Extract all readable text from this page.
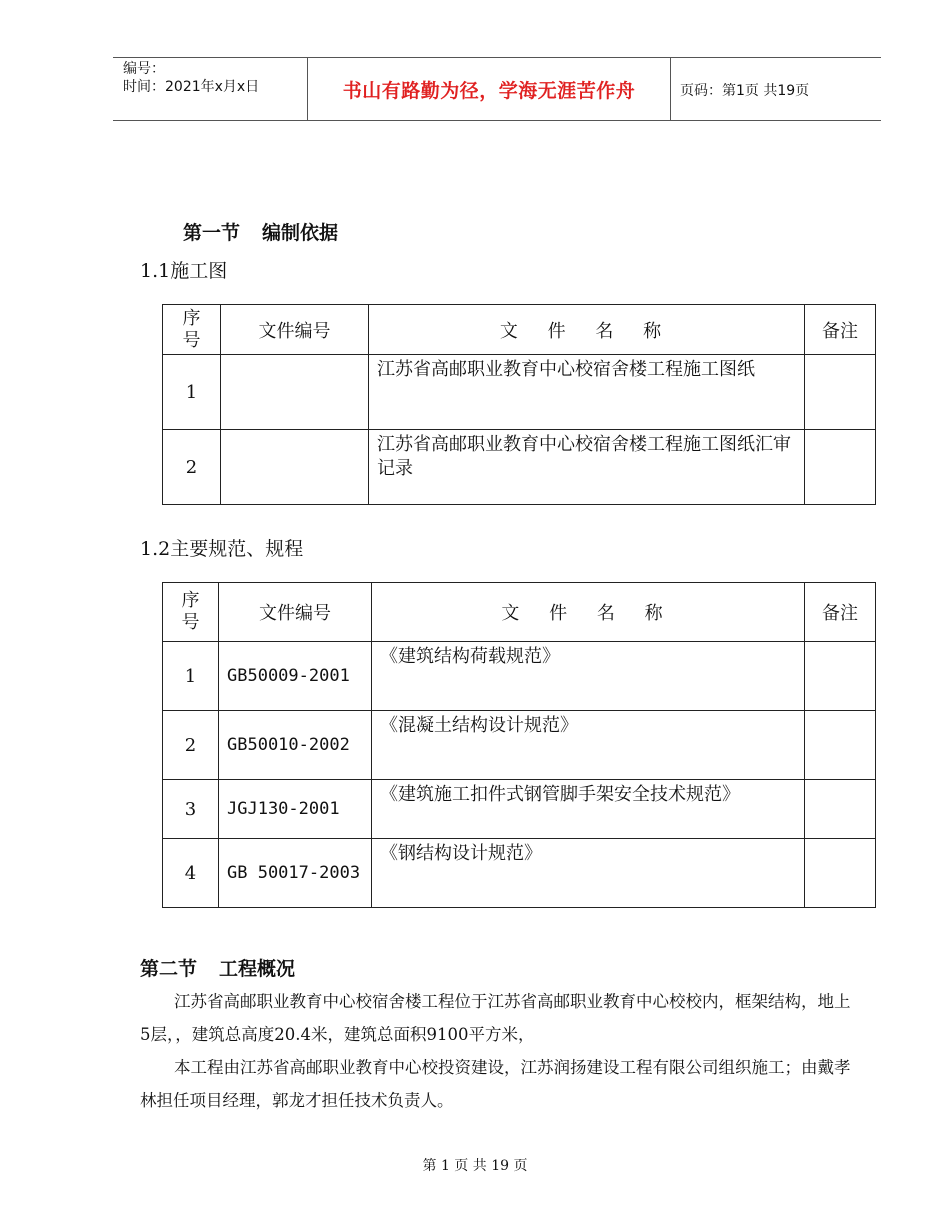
编号：
时间：2021年x月x日	书山有路勤为径，学海无涯苦作舟	页码：第1页 共19页
第一节 编制依据
1.1施工图
序号	文件编号	文 件 名 称	备注
1		江苏省高邮职业教育中心校宿舍楼工程施工图纸	
2		江苏省高邮职业教育中心校宿舍楼工程施工图纸汇审记录	
1.2主要规范、规程
序号	文件编号	文 件 名 称	备注
1	GB50009-2001	《建筑结构荷载规范》	
2	GB50010-2002	《混凝土结构设计规范》	
3	JGJ130-2001	《建筑施工扣件式钢管脚手架安全技术规范》	
4	GB 50017-2003	《钢结构设计规范》	
第二节 工程概况
江苏省高邮职业教育中心校宿舍楼工程位于江苏省高邮职业教育中心校校内，框架结构，地上5层，，建筑总高度20.4米，建筑总面积9100平方米，
本工程由江苏省高邮职业教育中心校投资建设，江苏润扬建设工程有限公司组织施工；由戴孝林担任项目经理，郭龙才担任技术负责人。
第 1 页 共 19 页
